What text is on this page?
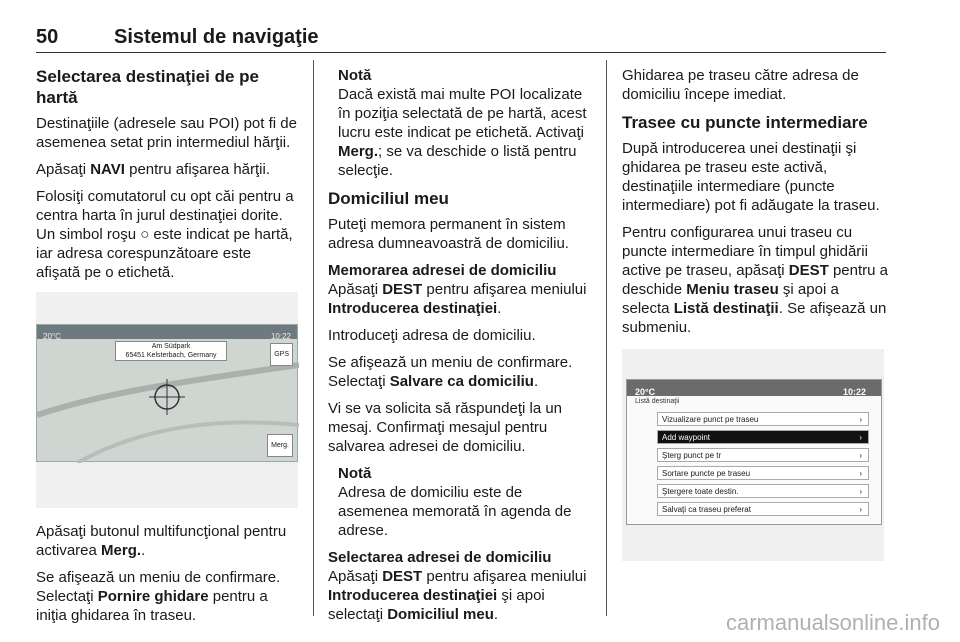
50	Sistemul de navigaţie
Selectarea destinaţiei de pe hartă

Destinaţiile (adresele sau POI) pot fi de asemenea setat prin intermediul hărţii.

Apăsaţi NAVI pentru afişarea hărţii.

Folosiţi comutatorul cu opt căi pentru a centra harta în jurul destinaţiei dorite. Un simbol roşu ○ este indicat pe hartă, iar adresa corespunzătoare este afişată pe o etichetă.

20°C	10:22
Am Südpark
65451 Kelsterbach, Germany	GPS
Merg.

Apăsaţi butonul multifuncţional pentru activarea Merg..

Se afişează un meniu de confirmare. Selectaţi Pornire ghidare pentru a iniţia ghidarea în traseu.

Notă
Dacă există mai multe POI localizate în poziţia selectată de pe hartă, acest lucru este indicat pe etichetă. Activaţi Merg.; se va deschide o listă pentru selecţie.
Domiciliul meu

Puteţi memora permanent în sistem adresa dumneavoastră de domiciliu.

Memorarea adresei de domiciliu

Apăsaţi DEST pentru afişarea meniului Introducerea destinaţiei.

Introduceţi adresa de domiciliu.

Se afişează un meniu de confirmare. Selectaţi Salvare ca domiciliu.

Vi se va solicita să răspundeţi la un mesaj. Confirmaţi mesajul pentru salvarea adresei de domiciliu.

Notă
Adresa de domiciliu este de asemenea memorată în agenda de adrese.
Selectarea adresei de domiciliu

Apăsaţi DEST pentru afişarea meniului Introducerea destinaţiei şi apoi selectaţi Domiciliul meu.

Ghidarea pe traseu către adresa de domiciliu începe imediat.

Trasee cu puncte intermediare

După introducerea unei destinaţii şi ghidarea pe traseu este activă, destinaţiile intermediare (puncte intermediare) pot fi adăugate la traseu.

Pentru configurarea unui traseu cu puncte intermediare în timpul ghidării active pe traseu, apăsaţi DEST pentru a deschide Meniu traseu şi apoi a selecta Listă destinaţii. Se afişează un submeniu.

20°C	10:22
Listă destinaţii
Vizualizare punct pe traseu	›
Add waypoint	›
Şterg punct pe tr	›
Sortare puncte pe traseu	›
Ştergere toate destin.	›
Salvaţi ca traseu preferat	›
carmanualsonline.info
